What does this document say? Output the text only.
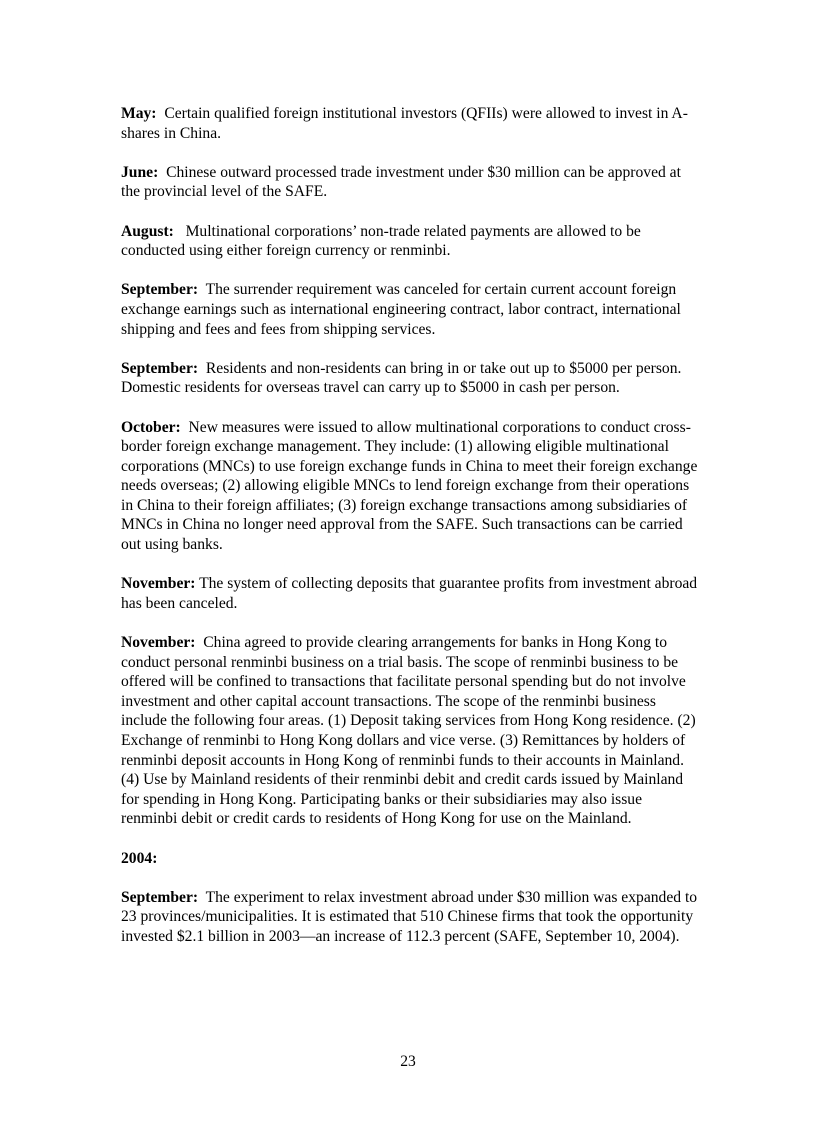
May: Certain qualified foreign institutional investors (QFIIs) were allowed to invest in A-shares in China.

June: Chinese outward processed trade investment under $30 million can be approved at the provincial level of the SAFE.

August: Multinational corporations’ non-trade related payments are allowed to be conducted using either foreign currency or renminbi.

September: The surrender requirement was canceled for certain current account foreign exchange earnings such as international engineering contract, labor contract, international shipping and fees and fees from shipping services.

September: Residents and non-residents can bring in or take out up to $5000 per person. Domestic residents for overseas travel can carry up to $5000 in cash per person.

October: New measures were issued to allow multinational corporations to conduct cross-border foreign exchange management. They include: (1) allowing eligible multinational corporations (MNCs) to use foreign exchange funds in China to meet their foreign exchange needs overseas; (2) allowing eligible MNCs to lend foreign exchange from their operations in China to their foreign affiliates; (3) foreign exchange transactions among subsidiaries of MNCs in China no longer need approval from the SAFE. Such transactions can be carried out using banks.

November: The system of collecting deposits that guarantee profits from investment abroad has been canceled.

November: China agreed to provide clearing arrangements for banks in Hong Kong to conduct personal renminbi business on a trial basis. The scope of renminbi business to be offered will be confined to transactions that facilitate personal spending but do not involve investment and other capital account transactions. The scope of the renminbi business include the following four areas. (1) Deposit taking services from Hong Kong residence. (2) Exchange of renminbi to Hong Kong dollars and vice verse. (3) Remittances by holders of renminbi deposit accounts in Hong Kong of renminbi funds to their accounts in Mainland. (4) Use by Mainland residents of their renminbi debit and credit cards issued by Mainland for spending in Hong Kong. Participating banks or their subsidiaries may also issue renminbi debit or credit cards to residents of Hong Kong for use on the Mainland.

2004:

September: The experiment to relax investment abroad under $30 million was expanded to 23 provinces/municipalities. It is estimated that 510 Chinese firms that took the opportunity invested $2.1 billion in 2003—an increase of 112.3 percent (SAFE, September 10, 2004).

23
